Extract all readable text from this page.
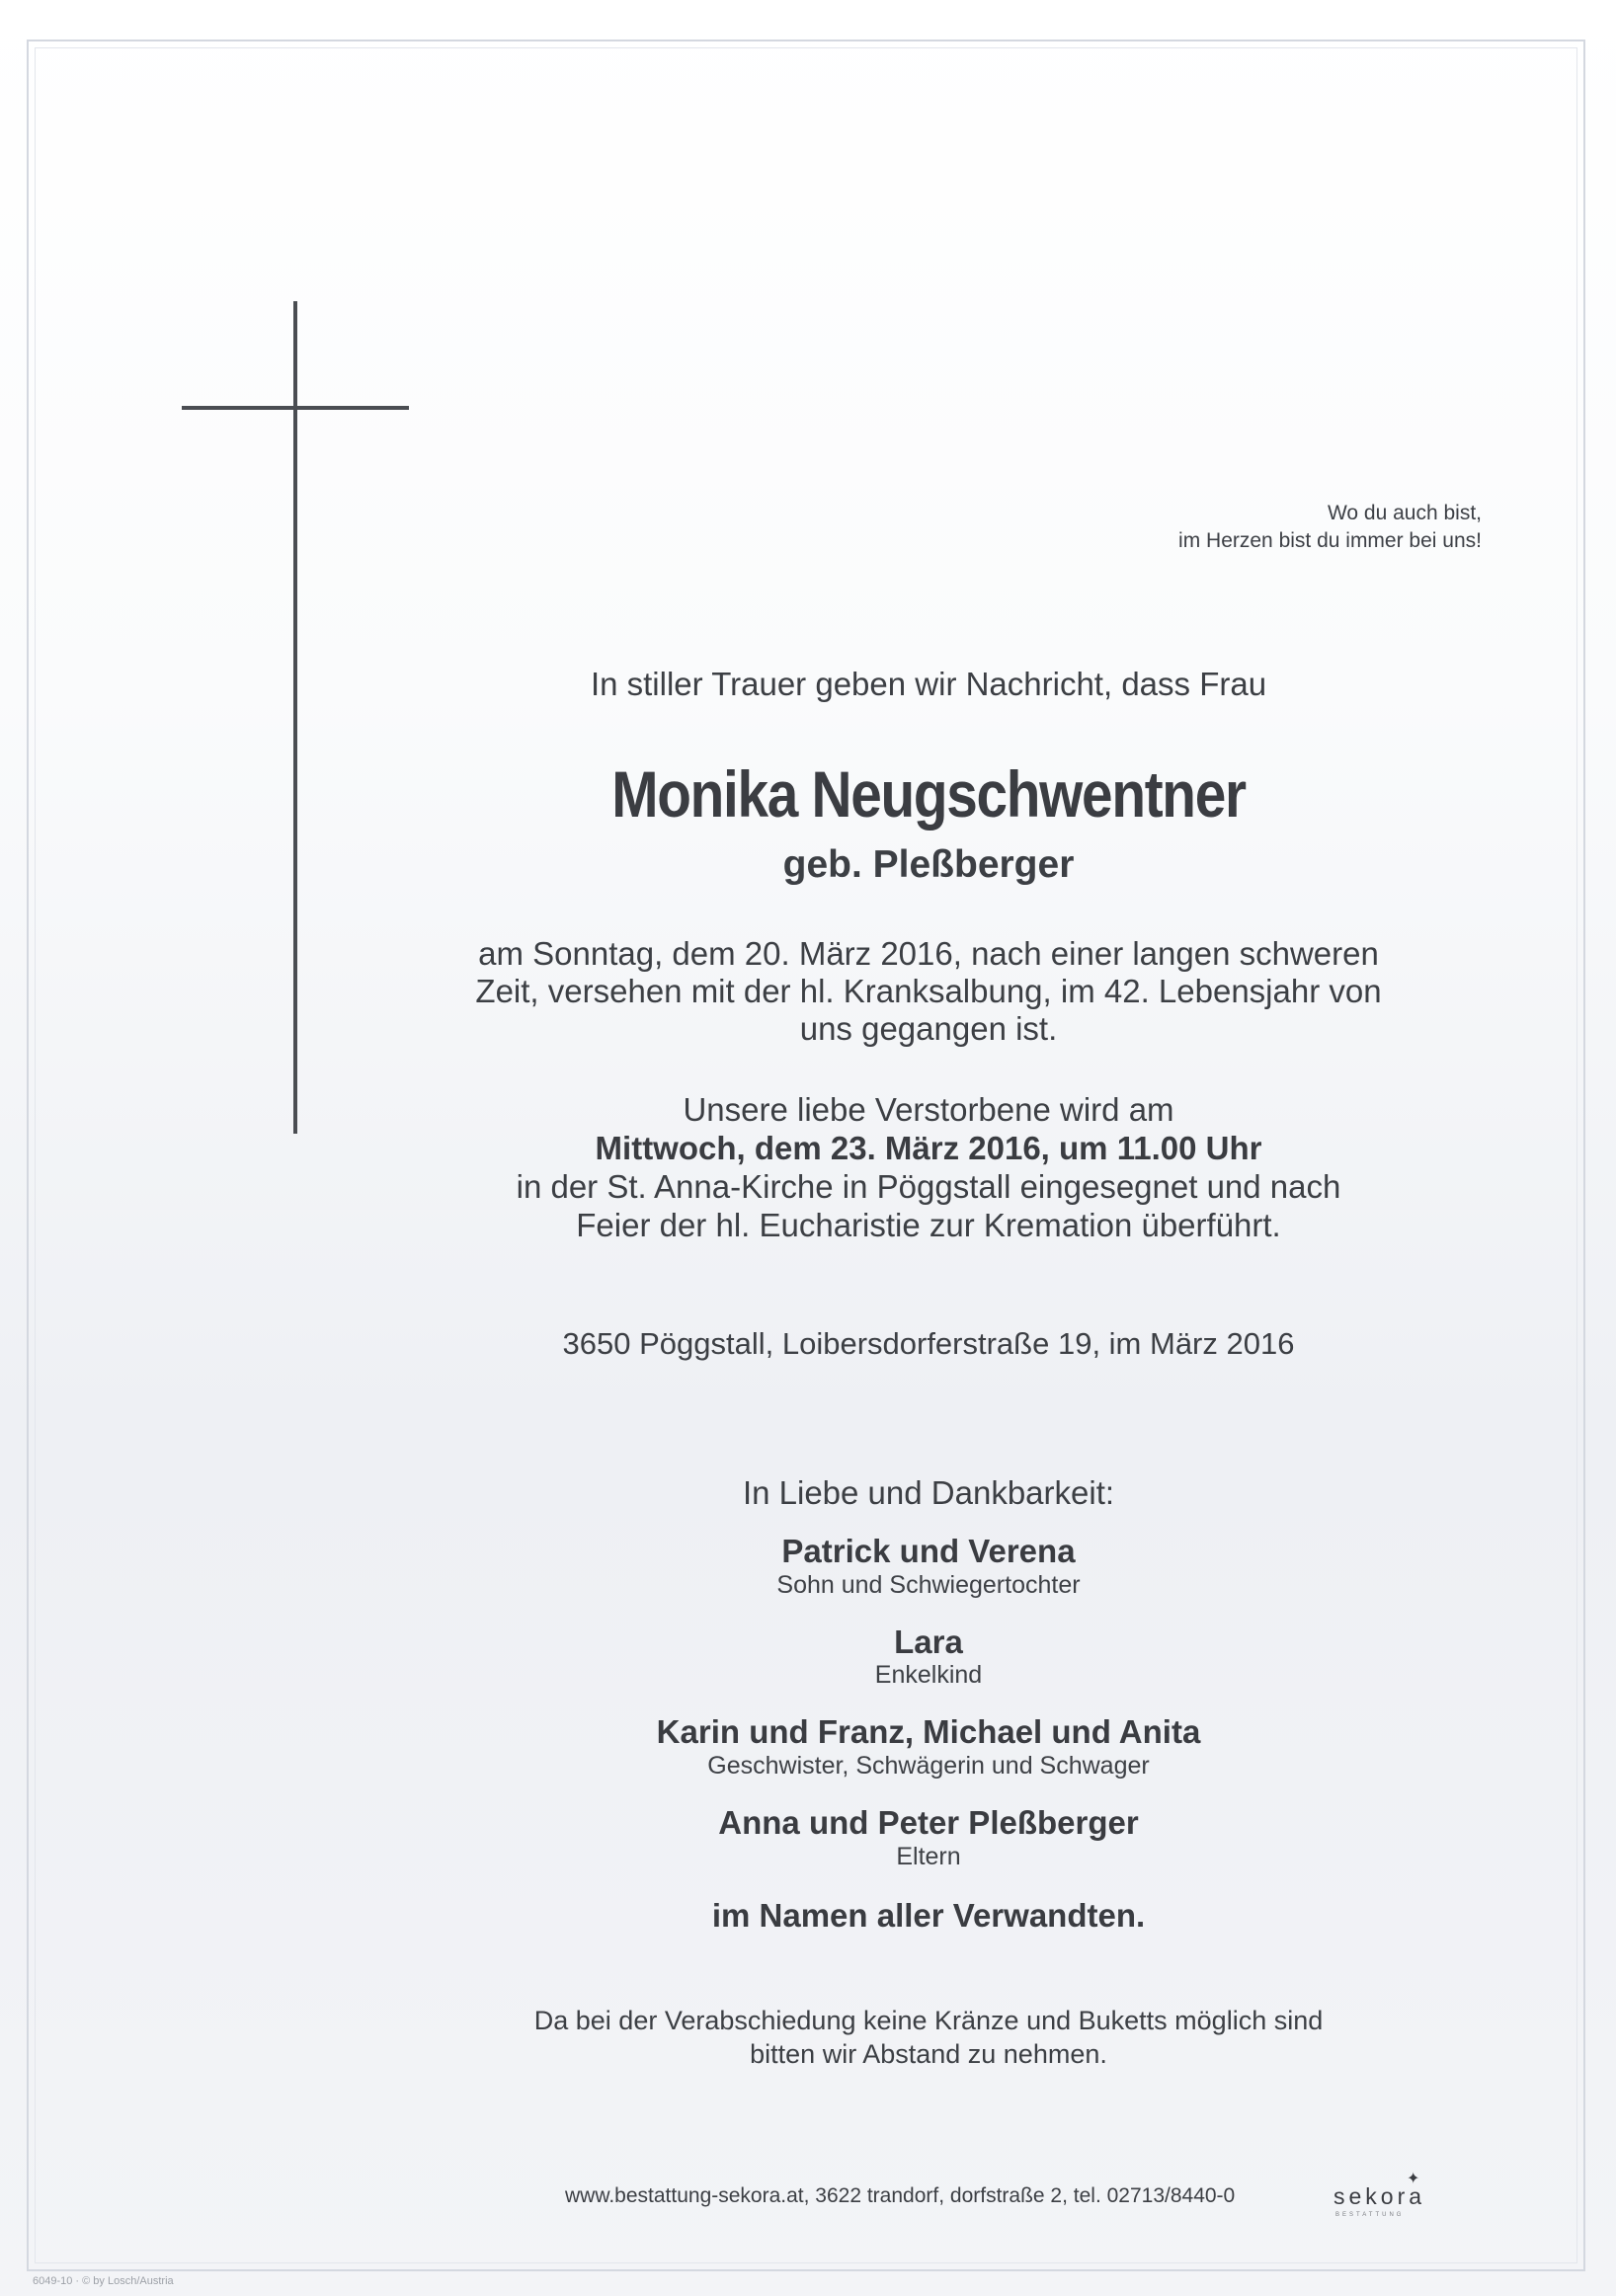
Wo du auch bist,
im Herzen bist du immer bei uns!
In stiller Trauer geben wir Nachricht, dass Frau
Monika Neugschwentner
geb. Pleßberger
am Sonntag, dem 20. März 2016, nach einer langen schweren
Zeit, versehen mit der hl. Kranksalbung, im 42. Lebensjahr von
uns gegangen ist.
Unsere liebe Verstorbene wird am
Mittwoch, dem 23. März 2016, um 11.00 Uhr
in der St. Anna-Kirche in Pöggstall eingesegnet und nach
Feier der hl. Eucharistie zur Kremation überführt.
3650 Pöggstall, Loibersdorferstraße 19, im März 2016
In Liebe und Dankbarkeit:
Patrick und Verena
Sohn und Schwiegertochter
Lara
Enkelkind
Karin und Franz, Michael und Anita
Geschwister, Schwägerin und Schwager
Anna und Peter Pleßberger
Eltern
im Namen aller Verwandten.
Da bei der Verabschiedung keine Kränze und Buketts möglich sind
bitten wir Abstand zu nehmen.
www.bestattung-sekora.at, 3622 trandorf, dorfstraße 2, tel. 02713/8440-0	sekora
✦
BESTATTUNG
6049-10 · © by Losch/Austria
